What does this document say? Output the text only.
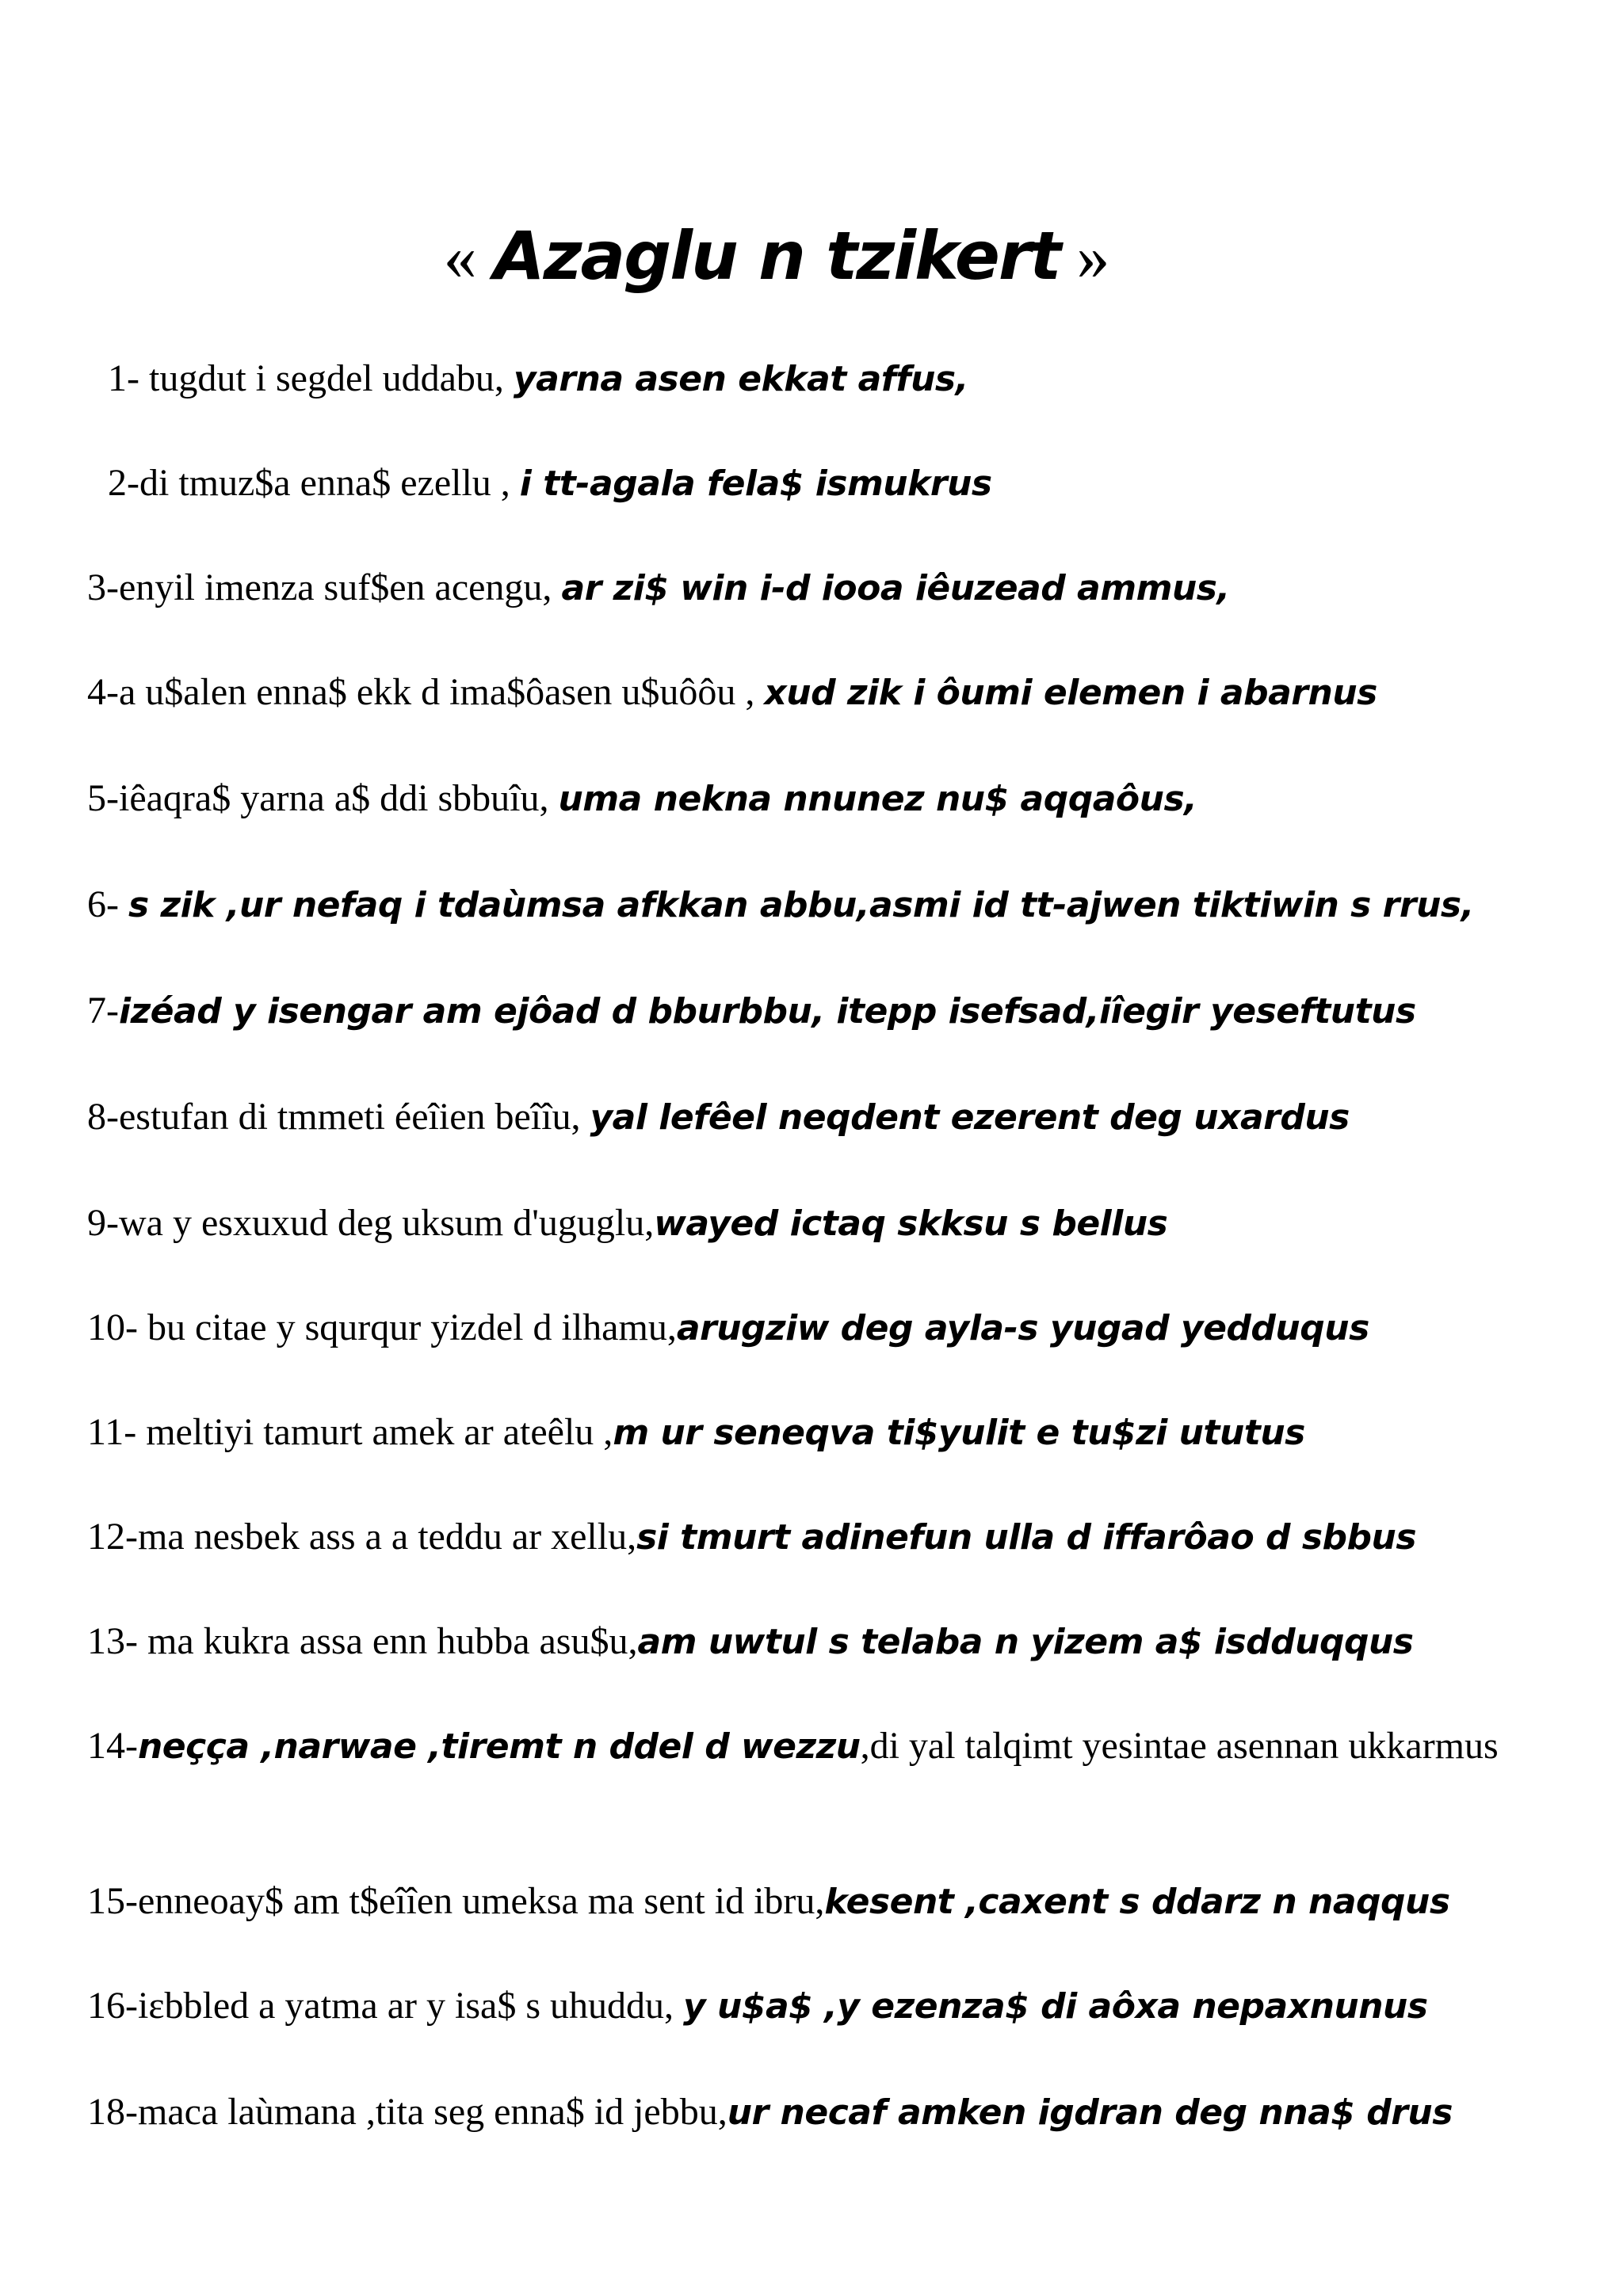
« Azaglu n tzikert »
1- tugdut i segdel uddabu, yarna asen ekkat affus,
2-di tmuz$a enna$ ezellu , i tt-agala fela$ ismukrus
3-enyil imenza suf$en acengu, ar zi$ win i-d iooa iêuzead ammus,
4-a u$alen enna$ ekk d ima$ôasen u$uôôu , xud zik i ôumi elemen i abarnus
5-iêaqra$ yarna a$ ddi sbbuîu, uma nekna nnunez nu$ aqqaôus,
6- s zik ,ur nefaq i tdaùmsa afkkan abbu,asmi id tt-ajwen tiktiwin s rrus,
7-izéad y isengar am ejôad d bburbbu, itepp isefsad,iîegir yeseftutus
8-estufan di tmmeti éeîien beîîu, yal lefêel neqdent ezerent deg uxardus
9-wa y esxuxud deg uksum d'uguglu,wayed ictaq skksu s bellus
10- bu citae y squrqur yizdel d ilhamu,arugziw deg ayla-s yugad yedduqus
11- meltiyi tamurt amek ar ateêlu ,m ur seneqva ti$yulit e tu$zi ututus
12-ma nesbek ass a a teddu ar xellu,si tmurt adinefun ulla d iffarôao d sbbus
13- ma kukra assa enn hubba asu$u,am uwtul s telaba n yizem a$ isdduqqus
14-neçça ,narwae ,tiremt n ddel d wezzu,di yal talqimt yesintae asennan ukkarmus
15-enneoay$ am t$eîîen umeksa ma sent id ibru,kesent ,caxent s ddarz n naqqus
16-iɛbbled a yatma ar y isa$ s uhuddu, y u$a$ ,y ezenza$ di aôxa nepaxnunus
18-maca laùmana ,tita seg enna$ id jebbu,ur necaf amken igdran deg nna$ drus
